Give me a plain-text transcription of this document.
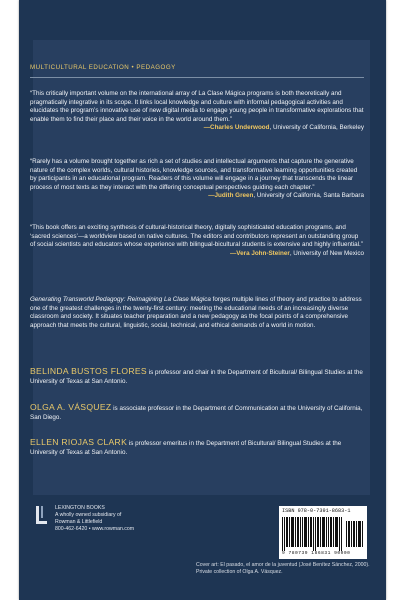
MULTICULTURAL EDUCATION • PEDAGOGY

“This critically important volume on the international array of La Clase Mágica programs is both theoretically and pragmatically integrative in its scope. It links local knowledge and culture with informal pedagogical activities and elucidates the program’s innovative use of new digital media to engage young people in transformative explorations that enable them to find their place and their voice in the world around them.”

—Charles Underwood, University of California, Berkeley

“Rarely has a volume brought together as rich a set of studies and intellectual arguments that capture the generative nature of the complex worlds, cultural histories, knowledge sources, and transformative learning opportunities created by participants in an educational program. Readers of this volume will engage in a journey that transcends the linear process of most texts as they interact with the differing conceptual perspectives guiding each chapter.”

—Judith Green, University of California, Santa Barbara

“This book offers an exciting synthesis of cultural-historical theory, digitally sophisticated education programs, and ‘sacred sciences’—a worldview based on native cultures. The editors and contributors represent an outstanding group of social scientists and educators whose experience with bilingual-bicultural students is extensive and highly influential.”

—Vera John-Steiner, University of New Mexico

Generating Transworld Pedagogy: Reimagining La Clase Mágica forges multiple lines of theory and practice to address one of the greatest challenges in the twenty-first century: meeting the educational needs of an increasingly diverse classroom and society. It situates teacher preparation and a new pedagogy as the focal points of a comprehensive approach that meets the cultural, linguistic, social, technical, and ethical demands of a world in motion.

BELINDA BUSTOS FLORES is professor and chair in the Department of Bicultural/ Bilingual Studies at the University of Texas at San Antonio.

OLGA A. VÁSQUEZ is associate professor in the Department of Communication at the University of California, San Diego.

ELLEN RIOJAS CLARK is professor emeritus in the Department of Bicultural/ Bilingual Studies at the University of Texas at San Antonio.

LEXINGTON BOOKS
A wholly owned subsidiary of
Rowman & Littlefield
800-462-6420 • www.rowman.com
ISBN 978-0-7391-8683-1
9 780739 186831 90000
Cover art: El pasado, el amor de la juventud (José Benítez Sánchez, 2000).
Private collection of Olga A. Vásquez.
